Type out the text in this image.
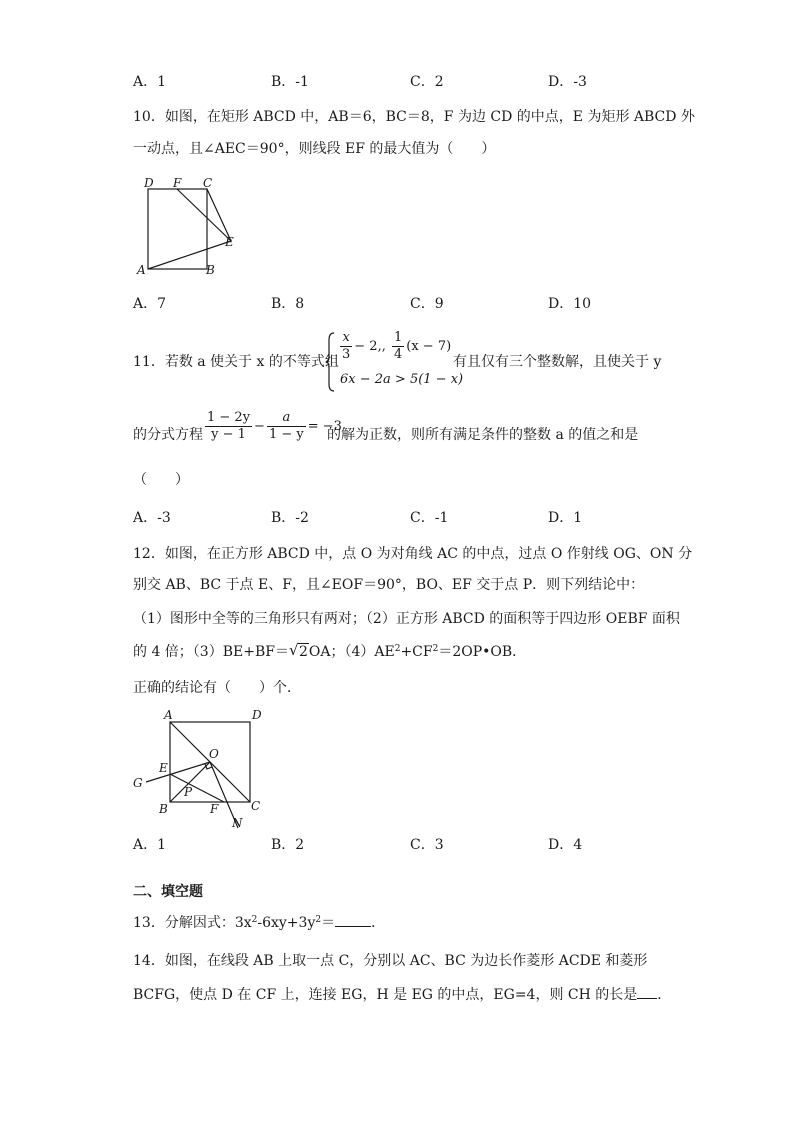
A．1	B．-1	C．2	D．-3
10．如图，在矩形 ABCD 中，AB＝6，BC＝8，F 为边 CD 的中点，E 为矩形 ABCD 外
一动点，且∠AEC＝90°，则线段 EF 的最大值为（　　）
D F C
E
A	B
A．7	B．8	C．9	D．10
11．若数 a 使关于 x 的不等式组 $\frac{x}{3} - 2$,, $\frac{1}{4} (x - 7)$
6x − 2a > 5(1 − x)
有且仅有三个整数解，且使关于 y
的分式方程 $\frac{1 - 2y}{y - 1} - \frac{a}{1 - y} = -3$
的解为正数，则所有满足条件的整数 a 的值之和是
（　　）
A．-3	B．-2	C．-1	D．1
12．如图，在正方形 ABCD 中，点 O 为对角线 AC 的中点，过点 O 作射线 OG、ON 分
别交 AB、BC 于点 E、F，且∠EOF＝90°，BO、EF 交于点 P．则下列结论中：
（1）图形中全等的三角形只有两对；（2）正方形 ABCD 的面积等于四边形 OEBF 面积
的 4 倍；（3）BE+BF＝ √ 2OA；$(4)AE^2+CF^2=2OP•OB$．
正确的结论有（　　）个．
A	D
O
G
E
P
B	F	C
N
A．1	B．2	C．3	D．4
二、填空题
13．分解因式：$3x^2-6xy+3y^2=$	．
14．如图，在线段 AB 上取一点 C，分别以 AC、BC 为边长作菱形 ACDE 和菱形
BCFG，使点 D 在 CF 上，连接 EG，H 是 EG 的中点，EG=4，则 CH 的长是 ．
